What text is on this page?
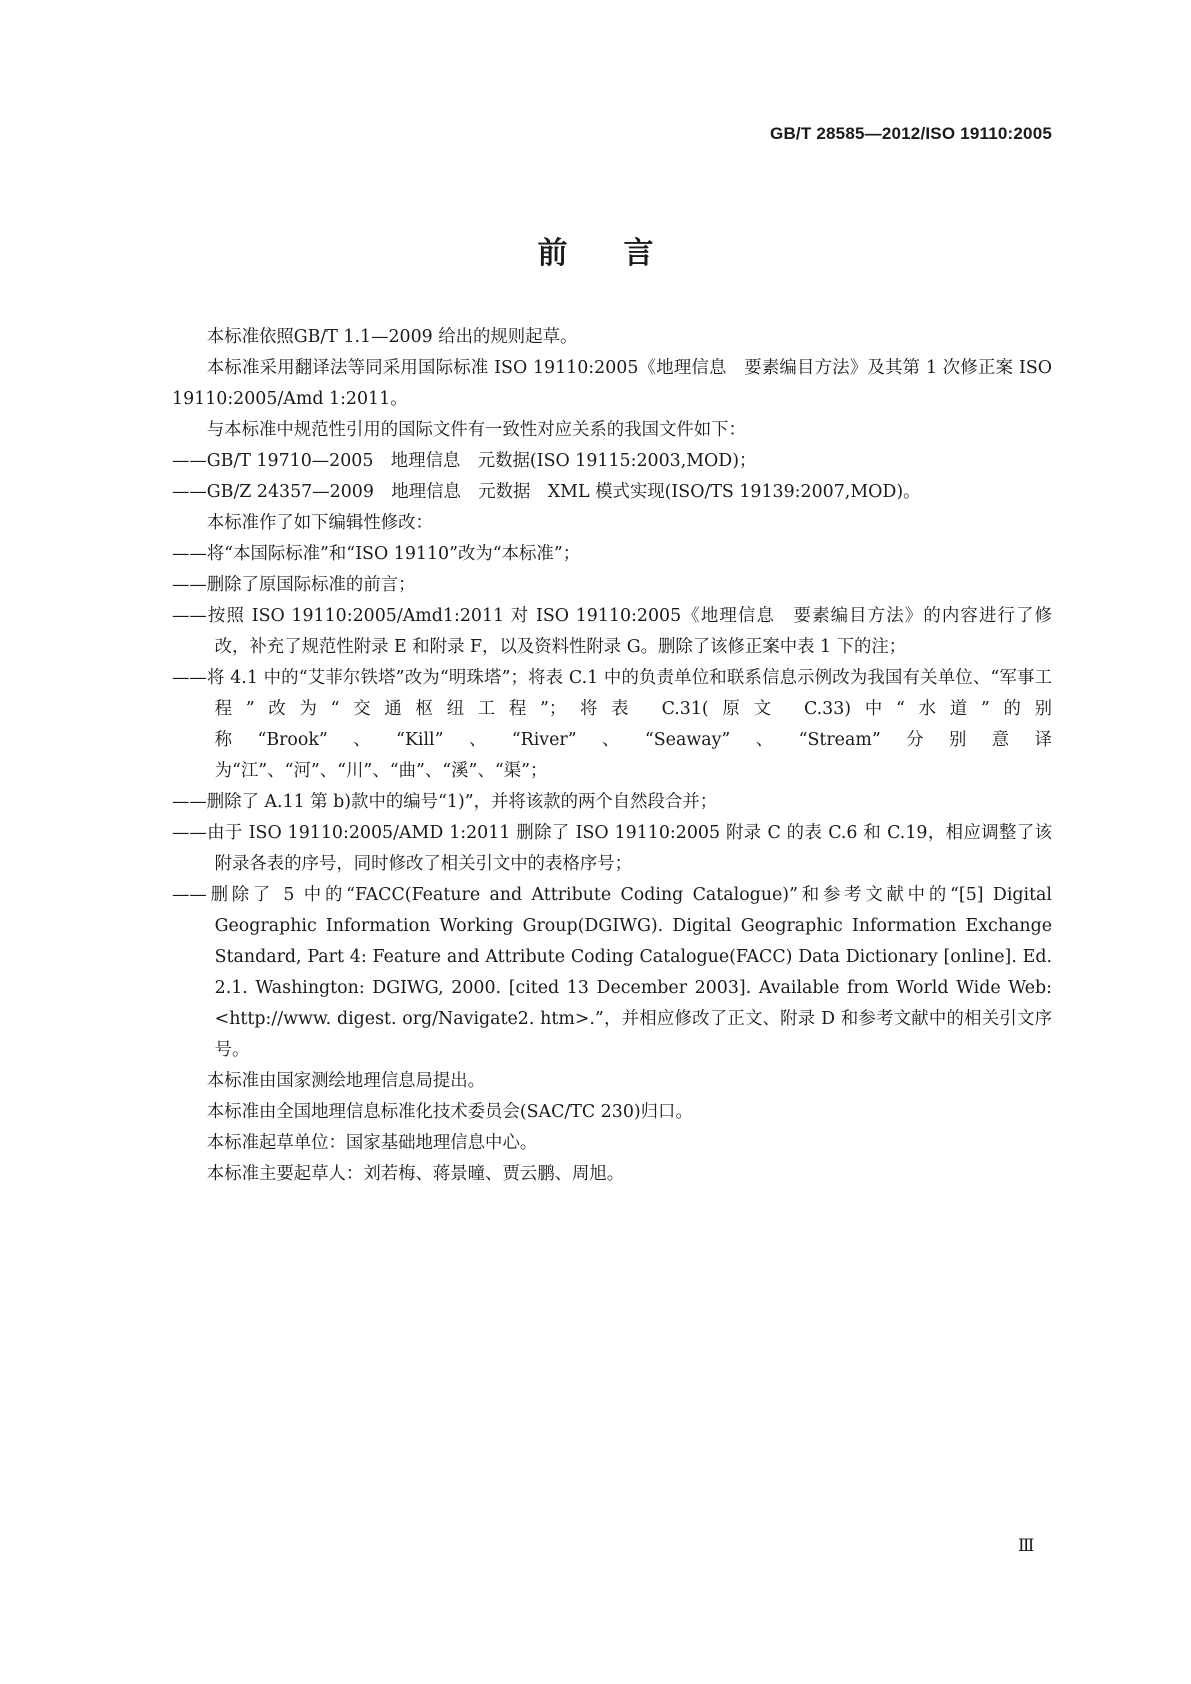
GB/T 28585—2012/ISO 19110:2005
前言

本标准依照GB/T 1.1—2009 给出的规则起草。

本标准采用翻译法等同采用国际标准 ISO 19110:2005《地理信息　要素编目方法》及其第 1 次修正案 ISO 19110:2005/Amd 1:2011。

与本标准中规范性引用的国际文件有一致性对应关系的我国文件如下：

——GB/T 19710—2005　地理信息　元数据(ISO 19115:2003,MOD)；

——GB/Z 24357—2009　地理信息　元数据　XML 模式实现(ISO/TS 19139:2007,MOD)。

本标准作了如下编辑性修改：

——将“本国际标准”和“ISO 19110”改为“本标准”；

——删除了原国际标准的前言；

——按照 ISO 19110:2005/Amd1:2011 对 ISO 19110:2005《地理信息　要素编目方法》的内容进行了修改，补充了规范性附录 E 和附录 F，以及资料性附录 G。删除了该修正案中表 1 下的注；

——将 4.1 中的“艾菲尔铁塔”改为“明珠塔”；将表 C.1 中的负责单位和联系信息示例改为我国有关单位、“军事工程”改为“交通枢纽工程”；将表 C.31(原文 C.33)中“水道”的别称“Brook”、“Kill”、“River”、“Seaway”、“Stream”分别意译为“江”、“河”、“川”、“曲”、“溪”、“渠”；

——删除了 A.11 第 b)款中的编号“1)”，并将该款的两个自然段合并；

——由于 ISO 19110:2005/AMD 1:2011 删除了 ISO 19110:2005 附录 C 的表 C.6 和 C.19，相应调整了该附录各表的序号，同时修改了相关引文中的表格序号；

——删除了 5 中的“FACC(Feature and Attribute Coding Catalogue)”和参考文献中的“[5] Digital Geographic Information Working Group(DGIWG). Digital Geographic Information Exchange Standard, Part 4: Feature and Attribute Coding Catalogue(FACC) Data Dictionary [online]. Ed. 2.1. Washington: DGIWG, 2000. [cited 13 December 2003]. Available from World Wide Web: <http://www. digest. org/Navigate2. htm>.”，并相应修改了正文、附录 D 和参考文献中的相关引文序号。

本标准由国家测绘地理信息局提出。

本标准由全国地理信息标准化技术委员会(SAC/TC 230)归口。

本标准起草单位：国家基础地理信息中心。

本标准主要起草人：刘若梅、蒋景曈、贾云鹏、周旭。

Ⅲ
